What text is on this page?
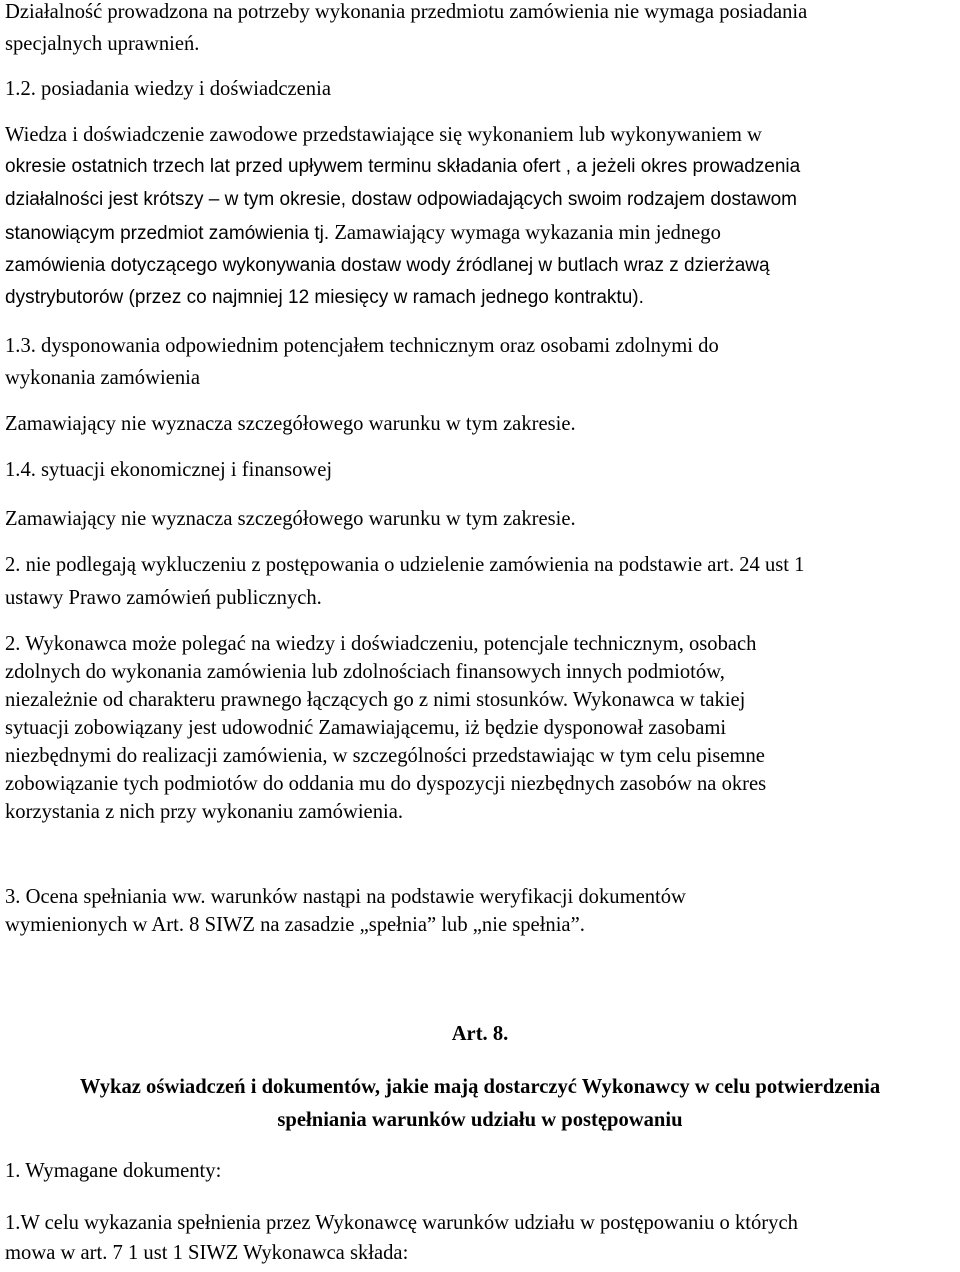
Działalność prowadzona na potrzeby wykonania przedmiotu zamówienia nie wymaga posiadania
specjalnych uprawnień.
1.2. posiadania wiedzy i doświadczenia
Wiedza i doświadczenie zawodowe przedstawiające się wykonaniem lub wykonywaniem w
okresie ostatnich trzech lat przed upływem terminu składania ofert , a jeżeli okres prowadzenia
działalności jest krótszy – w tym okresie, dostaw odpowiadających swoim rodzajem dostawom
stanowiącym przedmiot zamówienia tj. Zamawiający wymaga wykazania min jednego
zamówienia dotyczącego wykonywania dostaw wody źródlanej w butlach wraz z dzierżawą
dystrybutorów (przez co najmniej 12 miesięcy w ramach jednego kontraktu).
1.3. dysponowania odpowiednim potencjałem technicznym oraz osobami zdolnymi do
wykonania zamówienia
Zamawiający nie wyznacza szczegółowego warunku w tym zakresie.
1.4. sytuacji ekonomicznej i finansowej
Zamawiający nie wyznacza szczegółowego warunku w tym zakresie.
2. nie podlegają wykluczeniu z postępowania o udzielenie zamówienia na podstawie art. 24 ust 1
ustawy Prawo zamówień publicznych.
2. Wykonawca może polegać na wiedzy i doświadczeniu, potencjale technicznym, osobach
zdolnych do wykonania zamówienia lub zdolnościach finansowych innych podmiotów,
niezależnie od charakteru prawnego łączących go z nimi stosunków. Wykonawca w takiej
sytuacji zobowiązany jest udowodnić Zamawiającemu, iż będzie dysponował zasobami
niezbędnymi do realizacji zamówienia, w szczególności przedstawiając w tym celu pisemne
zobowiązanie tych podmiotów do oddania mu do dyspozycji niezbędnych zasobów na okres
korzystania z nich przy wykonaniu zamówienia.
3. Ocena spełniania ww. warunków nastąpi na podstawie weryfikacji dokumentów
wymienionych w Art. 8 SIWZ na zasadzie „spełnia” lub „nie spełnia”.
Art. 8.
Wykaz oświadczeń i dokumentów, jakie mają dostarczyć Wykonawcy w celu potwierdzenia
spełniania warunków udziału w postępowaniu
1. Wymagane dokumenty:
1.W celu wykazania spełnienia przez Wykonawcę warunków udziału w postępowaniu o których
mowa w art. 7 1 ust 1 SIWZ Wykonawca składa:
